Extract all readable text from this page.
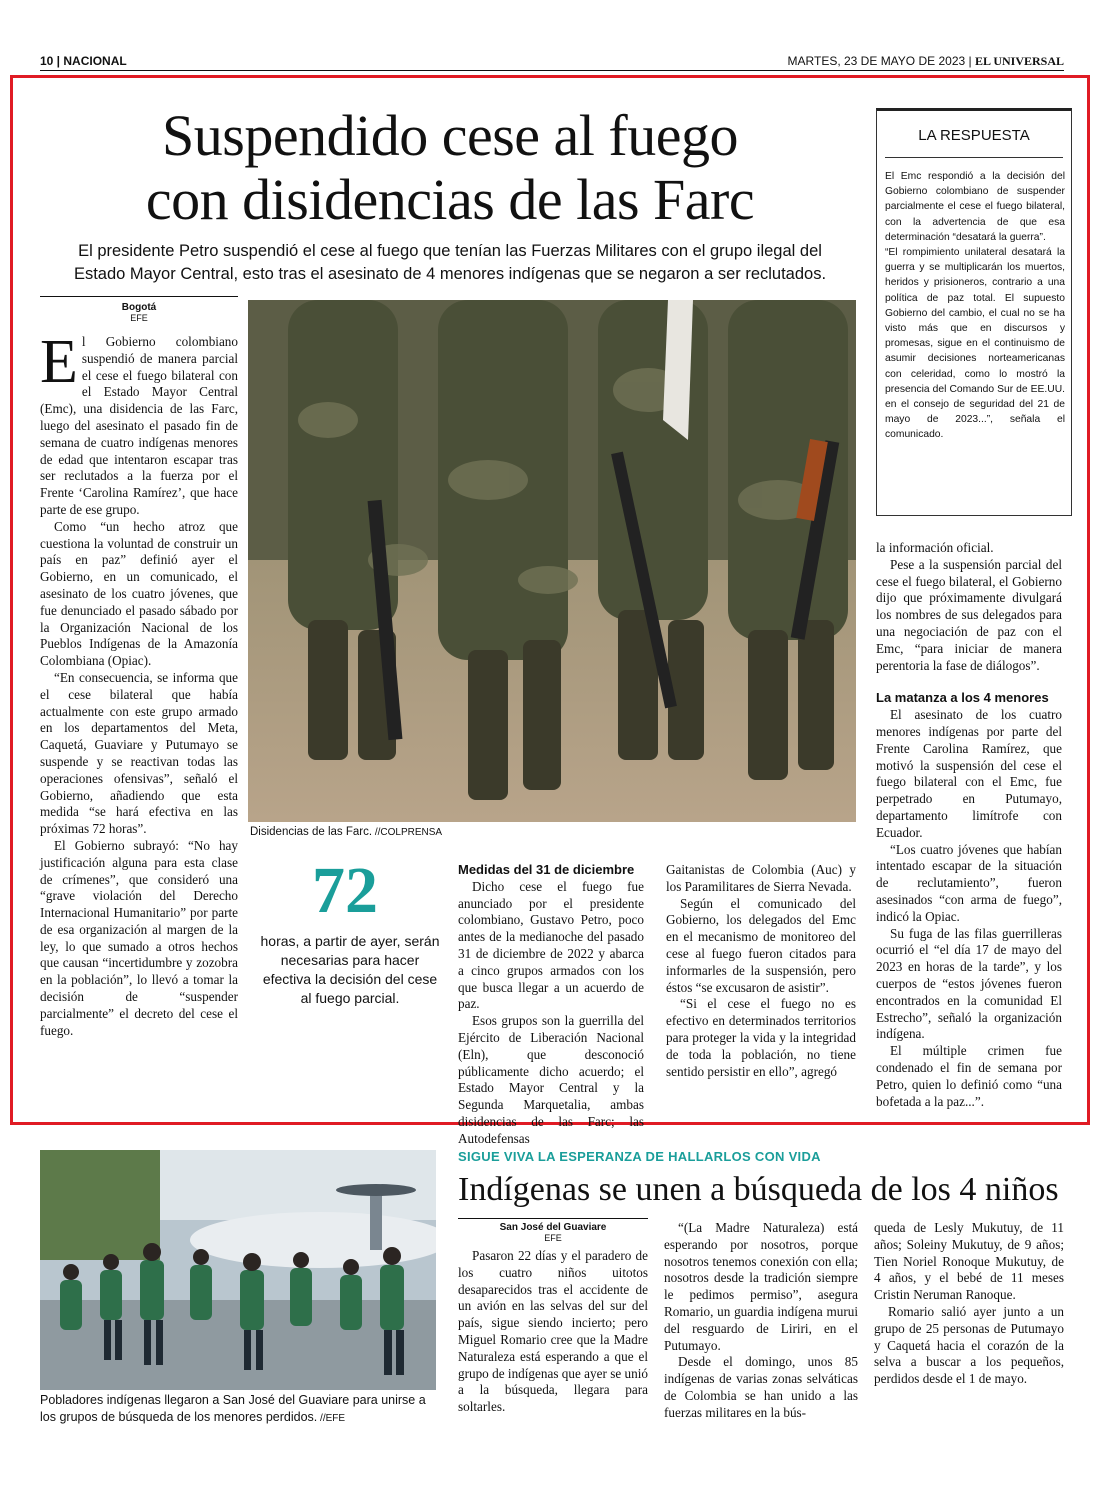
10 | NACIONAL	MARTES, 23 DE MAYO DE 2023 | EL UNIVERSAL
Suspendido cese al fuego
con disidencias de las Farc
El presidente Petro suspendió el cese al fuego que tenían las Fuerzas Militares con el grupo ilegal del
Estado Mayor Central, esto tras el asesinato de 4 menores indígenas que se negaron a ser reclutados.
Bogotá
EFE

El Gobierno colombiano suspendió de manera parcial el cese el fuego bilateral con el Estado Mayor Central (Emc), una disidencia de las Farc, luego del asesinato el pasado fin de semana de cuatro indígenas menores de edad que intentaron escapar tras ser reclutados a la fuerza por el Frente ‘Carolina Ramírez’, que hace parte de ese grupo.

Como “un hecho atroz que cuestiona la voluntad de construir un país en paz” definió ayer el Gobierno, en un comunicado, el asesinato de los cuatro jóvenes, que fue denunciado el pasado sábado por la Organización Nacional de los Pueblos Indígenas de la Amazonía Colombiana (Opiac).

“En consecuencia, se informa que el cese bilateral que había actualmente con este grupo armado en los departamentos del Meta, Caquetá, Guaviare y Putumayo se suspende y se reactivan todas las operaciones ofensivas”, señaló el Gobierno, añadiendo que esta medida “se hará efectiva en las próximas 72 horas”.

El Gobierno subrayó: “No hay justificación alguna para esta clase de crímenes”, que consideró una “grave violación del Derecho Internacional Humanitario” por parte de esa organización al margen de la ley, lo que sumado a otros hechos que causan “incertidumbre y zozobra en la población”, lo llevó a tomar la decisión de “suspender parcialmente” el decreto del cese el fuego.

Disidencias de las Farc. //COLPRENSA
72
horas, a partir de ayer, serán necesarias para hacer efectiva la decisión del cese al fuego parcial.
Medidas del 31 de diciembre

Dicho cese el fuego fue anunciado por el presidente colombiano, Gustavo Petro, poco antes de la medianoche del pasado 31 de diciembre de 2022 y abarca a cinco grupos armados con los que busca llegar a un acuerdo de paz.

Esos grupos son la guerrilla del Ejército de Liberación Nacional (Eln), que desconoció públicamente dicho acuerdo; el Estado Mayor Central y la Segunda Marquetalia, ambas disidencias de las Farc; las Autodefensas

Gaitanistas de Colombia (Auc) y los Paramilitares de Sierra Nevada.

Según el comunicado del Gobierno, los delegados del Emc en el mecanismo de monitoreo del cese al fuego fueron citados para informarles de la suspensión, pero éstos “se excusaron de asistir”.

“Si el cese el fuego no es efectivo en determinados territorios para proteger la vida y la integridad de toda la población, no tiene sentido persistir en ello”, agregó

LA RESPUESTA

El Emc respondió a la decisión del Gobierno colombiano de suspender parcialmente el cese el fuego bilateral, con la advertencia de que esa determinación “desatará la guerra”.

“El rompimiento unilateral desatará la guerra y se multiplicarán los muertos, heridos y prisioneros, contrario a una política de paz total. El supuesto Gobierno del cambio, el cual no se ha visto más que en discursos y promesas, sigue en el continuismo de asumir decisiones norteamericanas con celeridad, como lo mostró la presencia del Comando Sur de EE.UU. en el consejo de seguridad del 21 de mayo de 2023...”, señala el comunicado.

la información oficial.

Pese a la suspensión parcial del cese el fuego bilateral, el Gobierno dijo que próximamente divulgará los nombres de sus delegados para una negociación de paz con el Emc, “para iniciar de manera perentoria la fase de diálogos”.

La matanza a los 4 menores

El asesinato de los cuatro menores indígenas por parte del Frente Carolina Ramírez, que motivó la suspensión del cese el fuego bilateral con el Emc, fue perpetrado en Putumayo, departamento limítrofe con Ecuador.

“Los cuatro jóvenes que habían intentado escapar de la situación de reclutamiento”, fueron asesinados “con arma de fuego”, indicó la Opiac.

Su fuga de las filas guerrilleras ocurrió el “el día 17 de mayo del 2023 en horas de la tarde”, y los cuerpos de “estos jóvenes fueron encontrados en la comunidad El Estrecho”, señaló la organización indígena.

El múltiple crimen fue condenado el fin de semana por Petro, quien lo definió como “una bofetada a la paz...”.

Pobladores indígenas llegaron a San José del Guaviare para unirse a los grupos de búsqueda de los menores perdidos. //EFE
SIGUE VIVA LA ESPERANZA DE HALLARLOS CON VIDA
Indígenas se unen a búsqueda de los 4 niños
San José del Guaviare
EFE

Pasaron 22 días y el paradero de los cuatro niños uitotos desaparecidos tras el accidente de un avión en las selvas del sur del país, sigue siendo incierto; pero Miguel Romario cree que la Madre Naturaleza está esperando a que el grupo de indígenas que ayer se unió a la búsqueda, llegara para soltarles.

“(La Madre Naturaleza) está esperando por nosotros, porque nosotros tenemos conexión con ella; nosotros desde la tradición siempre le pedimos permiso”, asegura Romario, un guardia indígena murui del resguardo de Liriri, en el Putumayo.

Desde el domingo, unos 85 indígenas de varias zonas selváticas de Colombia se han unido a las fuerzas militares en la bús-

queda de Lesly Mukutuy, de 11 años; Soleiny Mukutuy, de 9 años; Tien Noriel Ronoque Mukutuy, de 4 años, y el bebé de 11 meses Cristin Neruman Ranoque.

Romario salió ayer junto a un grupo de 25 personas de Putumayo y Caquetá hacia el corazón de la selva a buscar a los pequeños, perdidos desde el 1 de mayo.
